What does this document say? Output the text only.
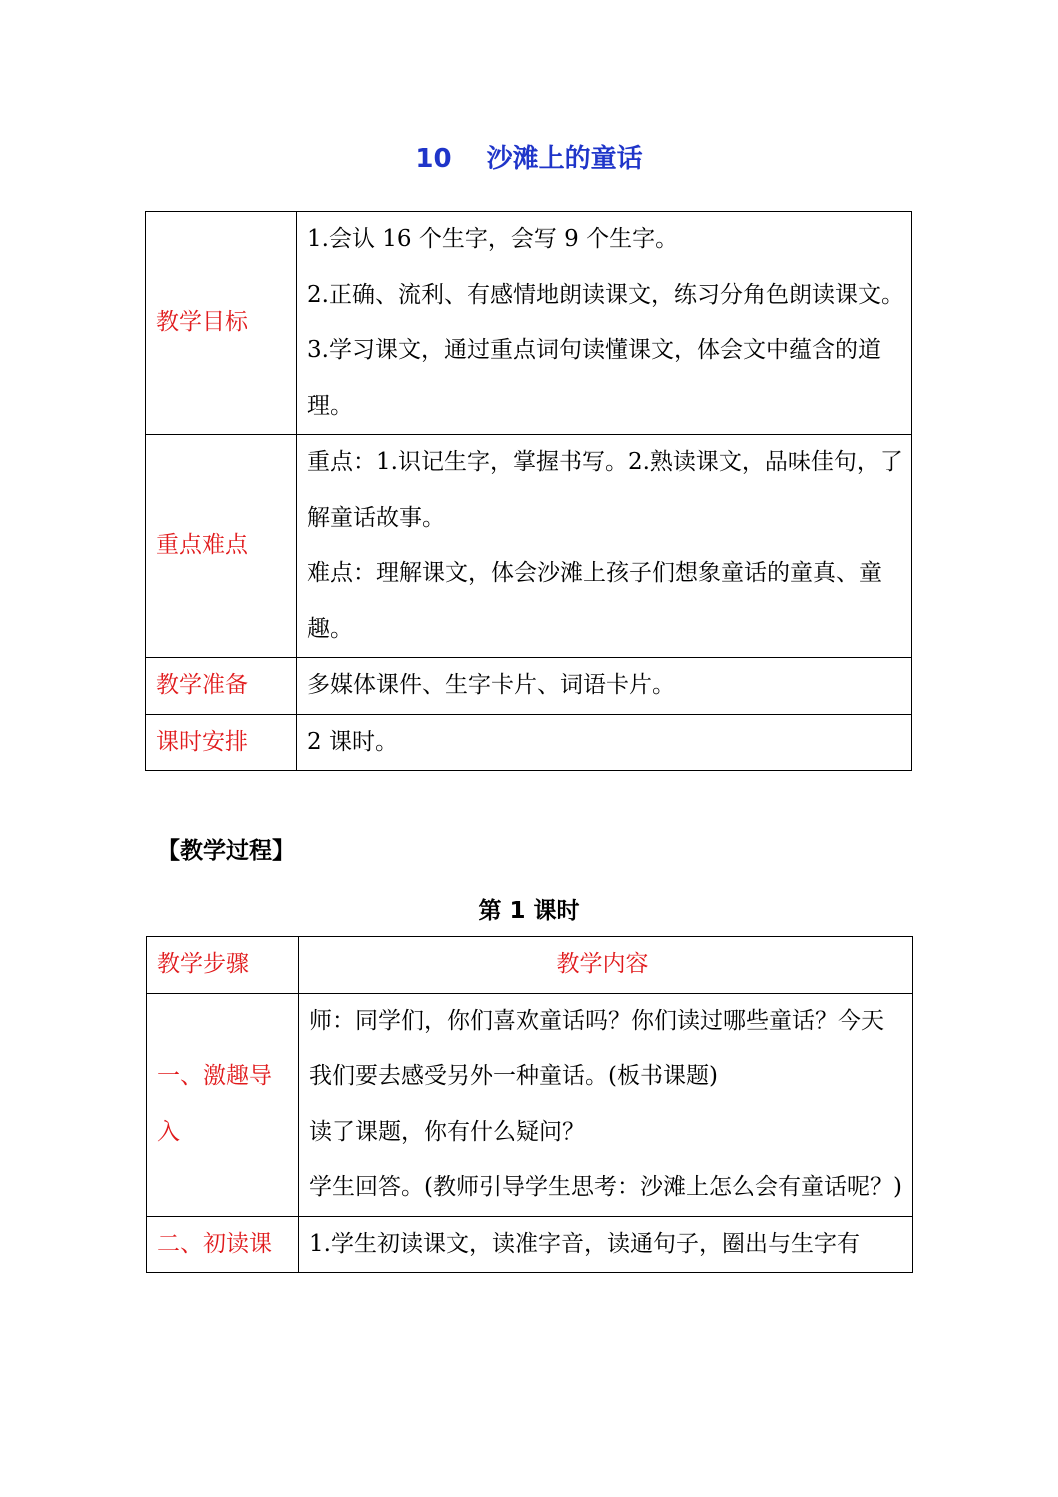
10　 沙滩上的童话
教学目标	1.会认 16 个生字，会写 9 个生字。
2.正确、流利、有感情地朗读课文，练习分角色朗读课文。
3.学习课文，通过重点词句读懂课文，体会文中蕴含的道理。

重点难点	重点：1.识记生字，掌握书写。2.熟读课文，品味佳句，了解童话故事。
难点：理解课文，体会沙滩上孩子们想象童话的童真、童趣。

教学准备	多媒体课件、生字卡片、词语卡片。
课时安排	2 课时。
【教学过程】
第 1 课时
教学步骤	教学内容
一、激趣导入	师：同学们，你们喜欢童话吗？你们读过哪些童话？今天我们要去感受另外一种童话。(板书课题)
读了课题，你有什么疑问？
学生回答。(教师引导学生思考：沙滩上怎么会有童话呢？)

二、初读课	1.学生初读课文，读准字音，读通句子，圈出与生字有
